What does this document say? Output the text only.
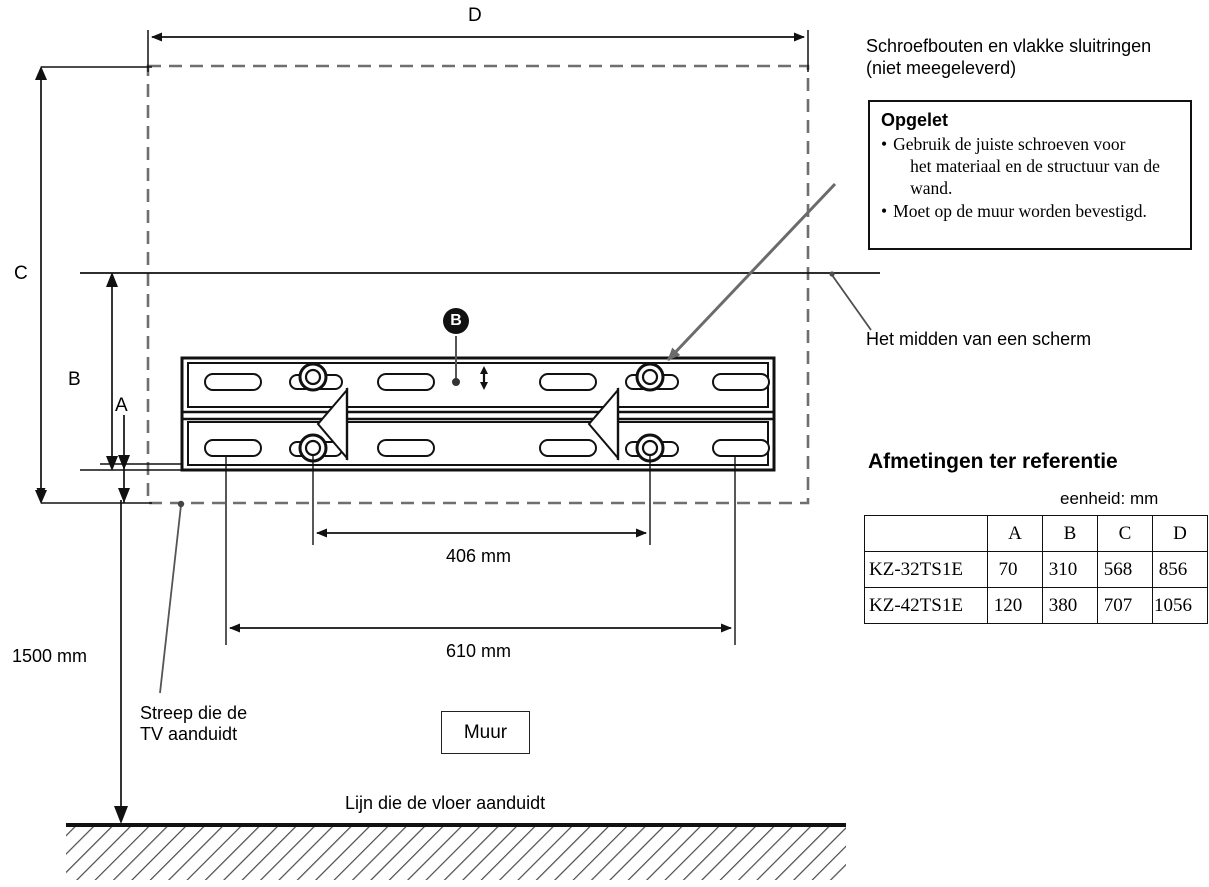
D
C
B
A
B
Schroefbouten en vlakke sluitringen
(niet meegeleverd)
Opgelet
• Gebruik de juiste schroeven voor
het materiaal en de structuur van de
wand.
• Moet op de muur worden bevestigd.
Het midden van een scherm
406 mm
610 mm
1500 mm
Streep die de
TV aanduidt	Muur
Lijn die de vloer aanduidt
Afmetingen ter referentie
eenheid: mm
	A	B	C	D
KZ-32TS1E	70	310	568	856
KZ-42TS1E	120	380	707	1056
